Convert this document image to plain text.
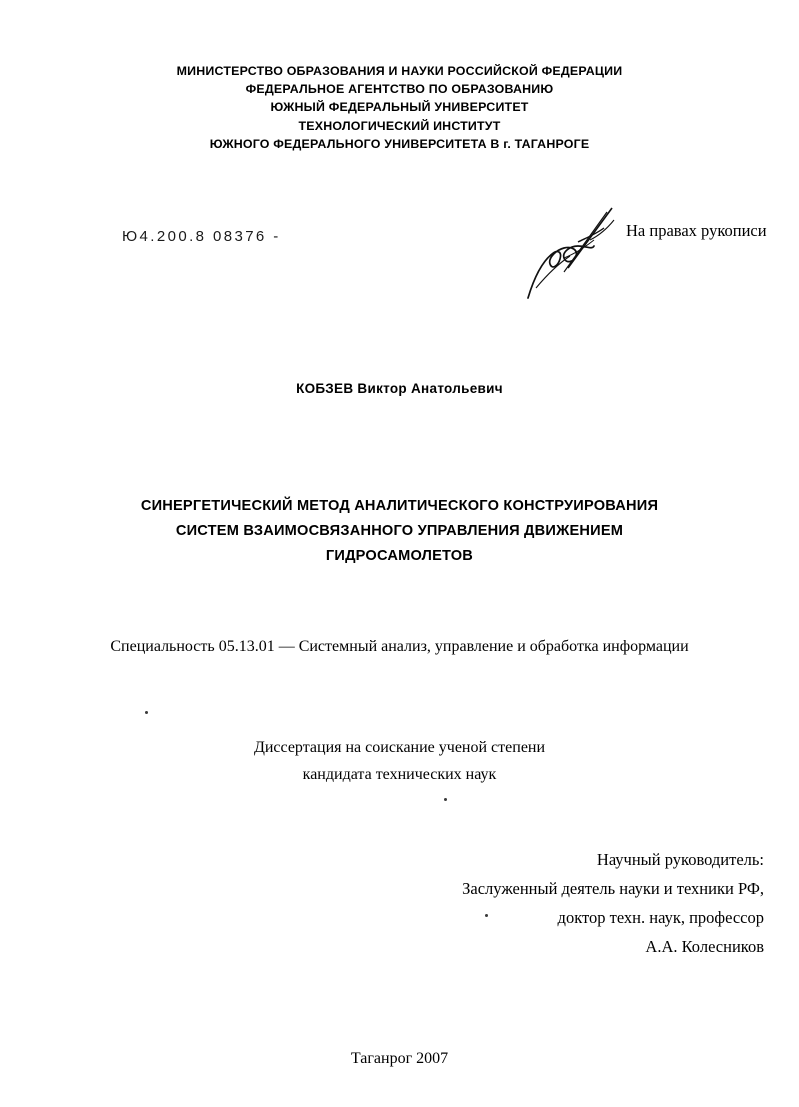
МИНИСТЕРСТВО ОБРАЗОВАНИЯ И НАУКИ РОССИЙСКОЙ ФЕДЕРАЦИИ
ФЕДЕРАЛЬНОЕ АГЕНТСТВО ПО ОБРАЗОВАНИЮ
ЮЖНЫЙ ФЕДЕРАЛЬНЫЙ УНИВЕРСИТЕТ
ТЕХНОЛОГИЧЕСКИЙ ИНСТИТУТ
ЮЖНОГО ФЕДЕРАЛЬНОГО УНИВЕРСИТЕТА В г. ТАГАНРОГЕ
Ю4.200.8 08376 -	На правах рукописи
КОБЗЕВ Виктор Анатольевич
СИНЕРГЕТИЧЕСКИЙ МЕТОД АНАЛИТИЧЕСКОГО КОНСТРУИРОВАНИЯ
СИСТЕМ ВЗАИМОСВЯЗАННОГО УПРАВЛЕНИЯ ДВИЖЕНИЕМ
ГИДРОСАМОЛЕТОВ
Специальность 05.13.01 — Системный анализ, управление и обработка информации
Диссертация на соискание ученой степени
кандидата технических наук
Научный руководитель:
Заслуженный деятель науки и техники РФ,
доктор техн. наук, профессор
А.А. Колесников
Таганрог 2007
